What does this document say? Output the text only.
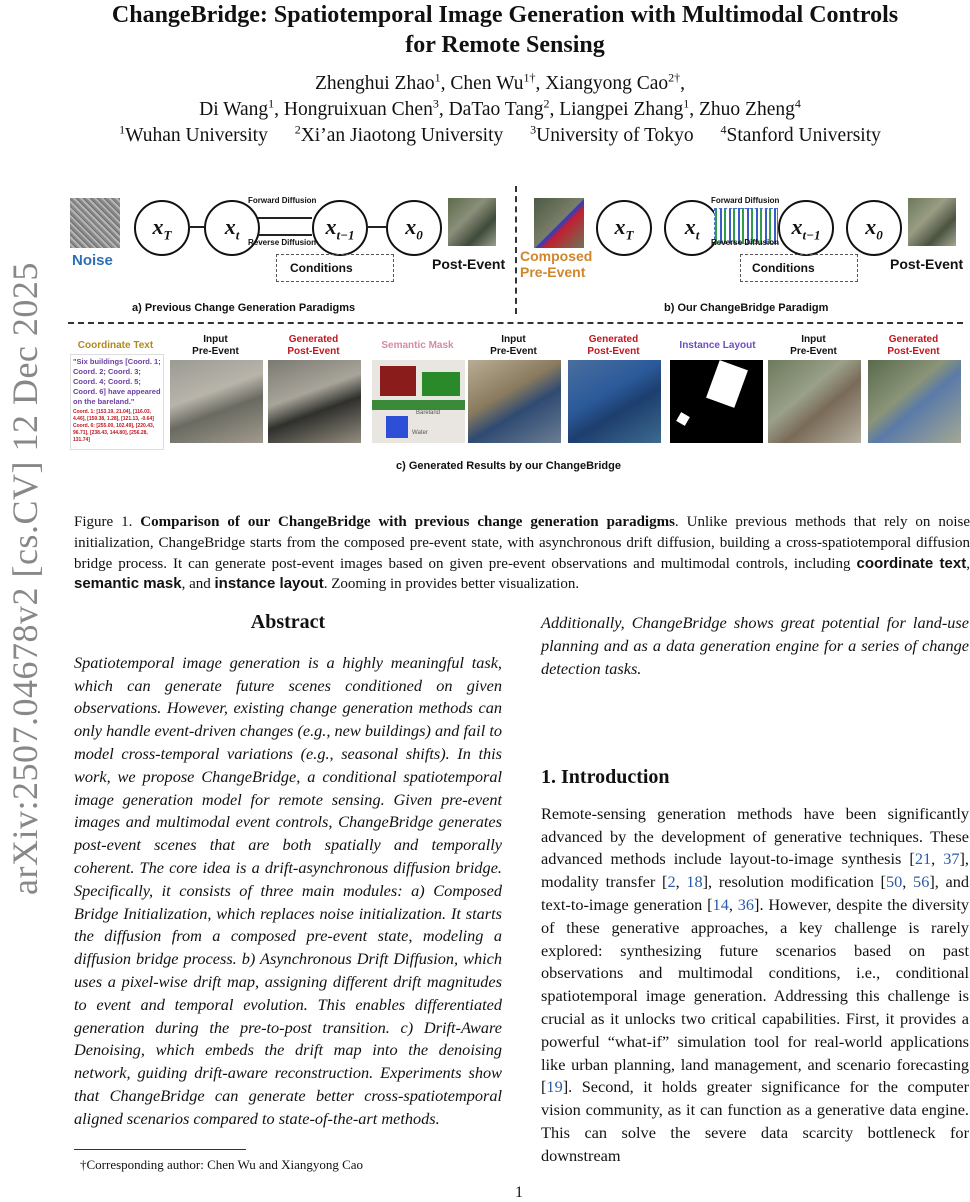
ChangeBridge: Spatiotemporal Image Generation with Multimodal Controls
for Remote Sensing
Zhenghui Zhao$^1$, Chen $Wu^{1\dagger}$, Xiangyong Cao$^{2\dagger}$,
Di Wang$^1$, Hongruixuan Chen$^3$, DaTao Tang$^2$, Liangpei Zhang$^1$, Zhuo Zheng$^4$
$^1$Wuhan University $^2$Xi’an Jiaotong University $^3$University of Tokyo $^4$Stanford University
arXiv:2507.04678v2 [cs.CV] 12 Dec 2025
Noise
$x_T$	$x_t$
Forward Diffusion
Reverse Diffusion
$x_{t-1}$	$x_0$
Conditions	Post-Event
a) Previous Change Generation Paradigms
Composed
Pre-Event
$x_T$	$x_t$
Forward Diffusion
Reverse Diffusion
$x_{t-1}$	$x_0$
Conditions	Post-Event
b) Our ChangeBridge Paradigm
Coordinate Text
"Six buildings [Coord. 1; Coord. 2; Coord. 3; Coord. 4; Coord. 5; Coord. 6] have appeared on the bareland."
Coord. 1: [153.19, 21.04], [116.03, 4.46], [159.38, 1.28], [121.13, -0.64]
Coord. 6: [255.00, 102.49], [220.43, 96.71], [238.43, 144.80], [256.28, 131.74]
Input
Pre-Event
Generated
Post-Event
Semantic Mask
Bareland
Water
Input
Pre-Event
Generated
Post-Event
Instance Layout
Input
Pre-Event
Generated
Post-Event
c) Generated Results by our ChangeBridge
Figure 1. Comparison of our ChangeBridge with previous change generation paradigms. Unlike previous methods that rely on noise initialization, ChangeBridge starts from the composed pre-event state, with asynchronous drift diffusion, building a cross-spatiotemporal diffusion bridge process. It can generate post-event images based on given pre-event observations and multimodal controls, including coordinate text, semantic mask, and instance layout. Zooming in provides better visualization.
Abstract
Spatiotemporal image generation is a highly meaningful task, which can generate future scenes conditioned on given observations. However, existing change generation methods can only handle event-driven changes (e.g., new buildings) and fail to model cross-temporal variations (e.g., seasonal shifts). In this work, we propose ChangeBridge, a conditional spatiotemporal image generation model for remote sensing. Given pre-event images and multimodal event controls, ChangeBridge generates post-event scenes that are both spatially and temporally coherent. The core idea is a drift-asynchronous diffusion bridge. Specifically, it consists of three main modules: a) Composed Bridge Initialization, which replaces noise initialization. It starts the diffusion from a composed pre-event state, modeling a diffusion bridge process. b) Asynchronous Drift Diffusion, which uses a pixel-wise drift map, assigning different drift magnitudes to event and temporal evolution. This enables differentiated generation during the pre-to-post transition. c) Drift-Aware Denoising, which embeds the drift map into the denoising network, guiding drift-aware reconstruction. Experiments show that ChangeBridge can generate better cross-spatiotemporal aligned scenarios compared to state-of-the-art methods.
1. Introduction
Remote-sensing generation methods have been significantly advanced by the development of generative techniques. These advanced methods include layout-to-image synthesis [21, 37], modality transfer [2, 18], resolution modification [50, 56], and text-to-image generation [14, 36]. However, despite the diversity of these generative approaches, a key challenge is rarely explored: synthesizing future scenarios based on past observations and multimodal conditions, i.e., conditional spatiotemporal image generation. Addressing this challenge is crucial as it unlocks two critical capabilities. First, it provides a powerful “what-if” simulation tool for real-world applications like urban planning, land management, and scenario forecasting [19]. Second, it holds greater significance for the computer vision community, as it can function as a generative data engine. This can solve the severe data scarcity bottleneck for downstream
Additionally, ChangeBridge shows great potential for land-use planning and as a data generation engine for a series of change detection tasks.
†Corresponding author: Chen Wu and Xiangyong Cao
1
